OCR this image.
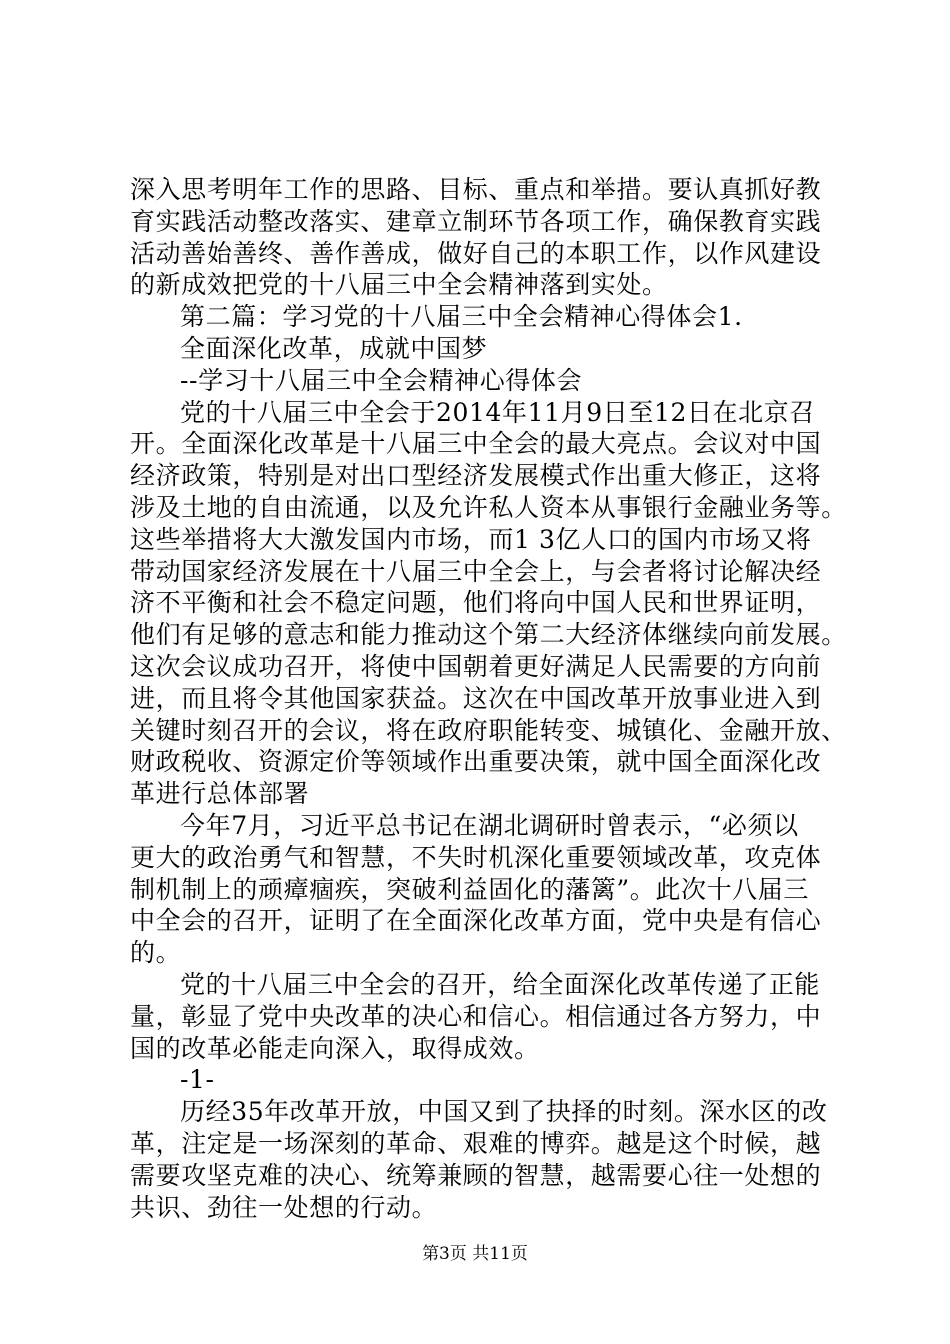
深入思考明年工作的思路、目标、重点和举措。要认真抓好教
育实践活动整改落实、建章立制环节各项工作，确保教育实践
活动善始善终、善作善成，做好自己的本职工作，以作风建设
的新成效把党的十八届三中全会精神落到实处。
第二篇：学习党的十八届三中全会精神心得体会1.
全面深化改革，成就中国梦
--学习十八届三中全会精神心得体会
党的十八届三中全会于2014年11月9日至12日在北京召
开。全面深化改革是十八届三中全会的最大亮点。会议对中国
经济政策，特别是对出口型经济发展模式作出重大修正，这将
涉及土地的自由流通，以及允许私人资本从事银行金融业务等。
这些举措将大大激发国内市场，而1 3亿人口的国内市场又将
带动国家经济发展在十八届三中全会上，与会者将讨论解决经
济不平衡和社会不稳定问题，他们将向中国人民和世界证明，
他们有足够的意志和能力推动这个第二大经济体继续向前发展。
这次会议成功召开，将使中国朝着更好满足人民需要的方向前
进，而且将令其他国家获益。这次在中国改革开放事业进入到
关键时刻召开的会议，将在政府职能转变、城镇化、金融开放、
财政税收、资源定价等领域作出重要决策，就中国全面深化改
革进行总体部署
今年7月，习近平总书记在湖北调研时曾表示，“必须以
更大的政治勇气和智慧，不失时机深化重要领域改革，攻克体
制机制上的顽瘴痼疾，突破利益固化的藩篱”。此次十八届三
中全会的召开，证明了在全面深化改革方面，党中央是有信心
的。
党的十八届三中全会的召开，给全面深化改革传递了正能
量，彰显了党中央改革的决心和信心。相信通过各方努力，中
国的改革必能走向深入，取得成效。
-1-
历经35年改革开放，中国又到了抉择的时刻。深水区的改
革，注定是一场深刻的革命、艰难的博弈。越是这个时候，越
需要攻坚克难的决心、统筹兼顾的智慧，越需要心往一处想的
共识、劲往一处想的行动。
第3页 共11页
